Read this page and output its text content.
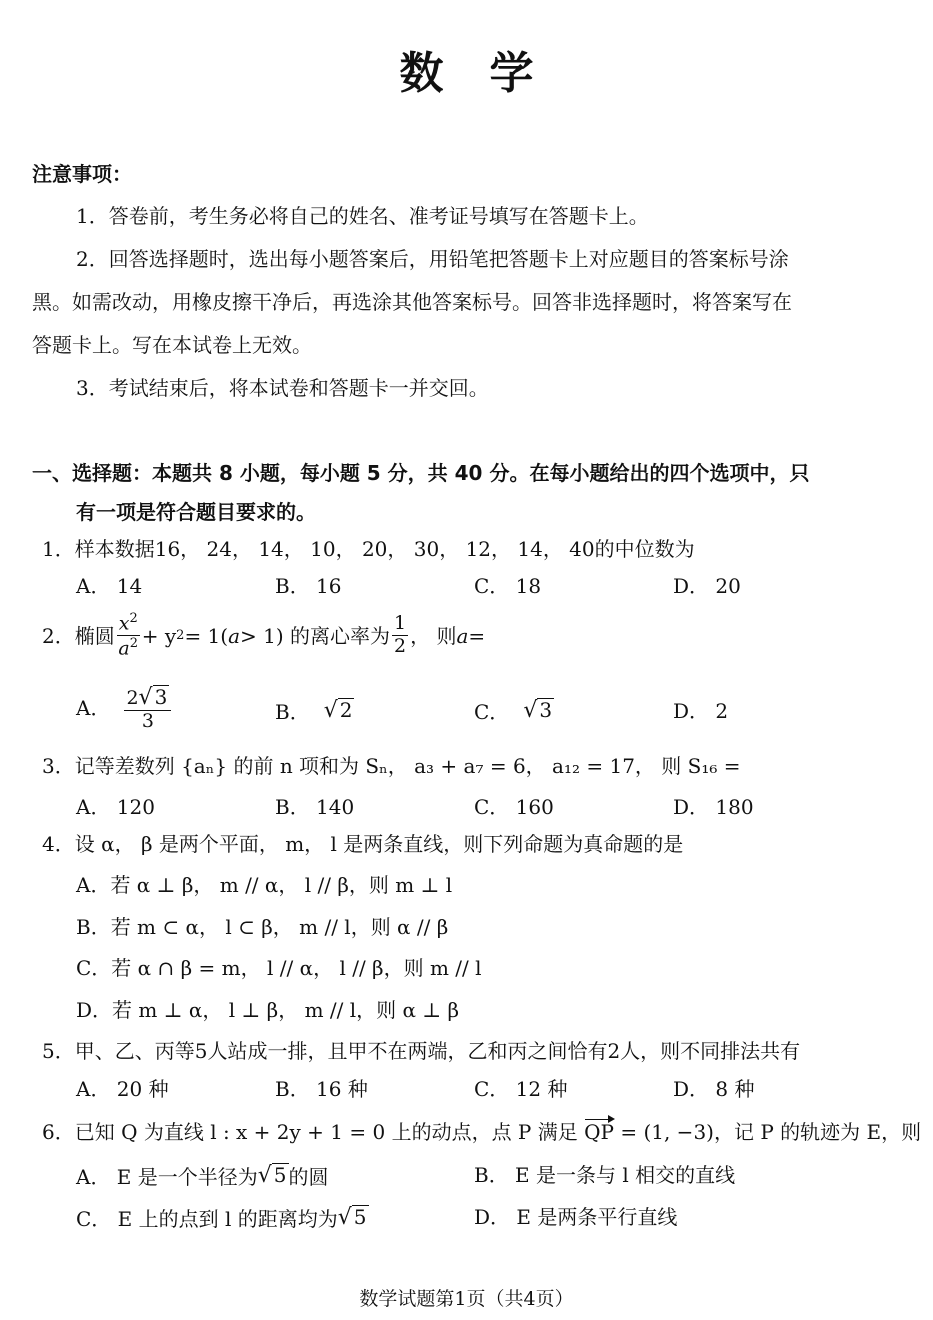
数学
注意事项：
1．答卷前，考生务必将自己的姓名、准考证号填写在答题卡上。
2．回答选择题时，选出每小题答案后，用铅笔把答题卡上对应题目的答案标号涂
黑。如需改动，用橡皮擦干净后，再选涂其他答案标号。回答非选择题时，将答案写在
答题卡上。写在本试卷上无效。
3．考试结束后，将本试卷和答题卡一并交回。
一、选择题：本题共 8 小题，每小题 5 分，共 40 分。在每小题给出的四个选项中，只
有一项是符合题目要求的。
1．样本数据16， 24， 14， 10， 20， 30， 12， 14， 40的中位数为
A． 14	B． 16	C． 18	D． 20
2． 椭圆 $\frac{x^2}{a^2} + y$ 2 = 1( a > 1) 的离心率为 $\frac{1}{2}$ ， 则 a =
A． $\frac{2 √ 3}{3}$	B． √ 2	C． √ 3	D． 2
3．记等差数列 {aₙ} 的前 n 项和为 Sₙ， a₃ + a₇ = 6， a₁₂ = 17， 则 S₁₆ =
A． 120	B． 140	C． 160	D． 180
4．设 α， β 是两个平面， m， l 是两条直线，则下列命题为真命题的是
A．若 α ⊥ β， m // α， l // β，则 m ⊥ l
B．若 m ⊂ α， l ⊂ β， m // l，则 α // β
C．若 α ∩ β = m， l // α， l // β，则 m // l
D．若 m ⊥ α， l ⊥ β， m // l，则 α ⊥ β
5．甲、乙、丙等5人站成一排，且甲不在两端，乙和丙之间恰有2人，则不同排法共有
A． 20 种	B． 16 种	C． 12 种	D． 8 种
6．已知 Q 为直线 l : x + 2y + 1 = 0 上的动点，点 P 满足 QP = (1, −3)，记 P 的轨迹为 E，则
A． E 是一个半径为 √ 5 的圆	B． E 是一条与 l 相交的直线
C． E 上的点到 l 的距离均为 √ 5	D． E 是两条平行直线
数学试题第1页（共4页）
